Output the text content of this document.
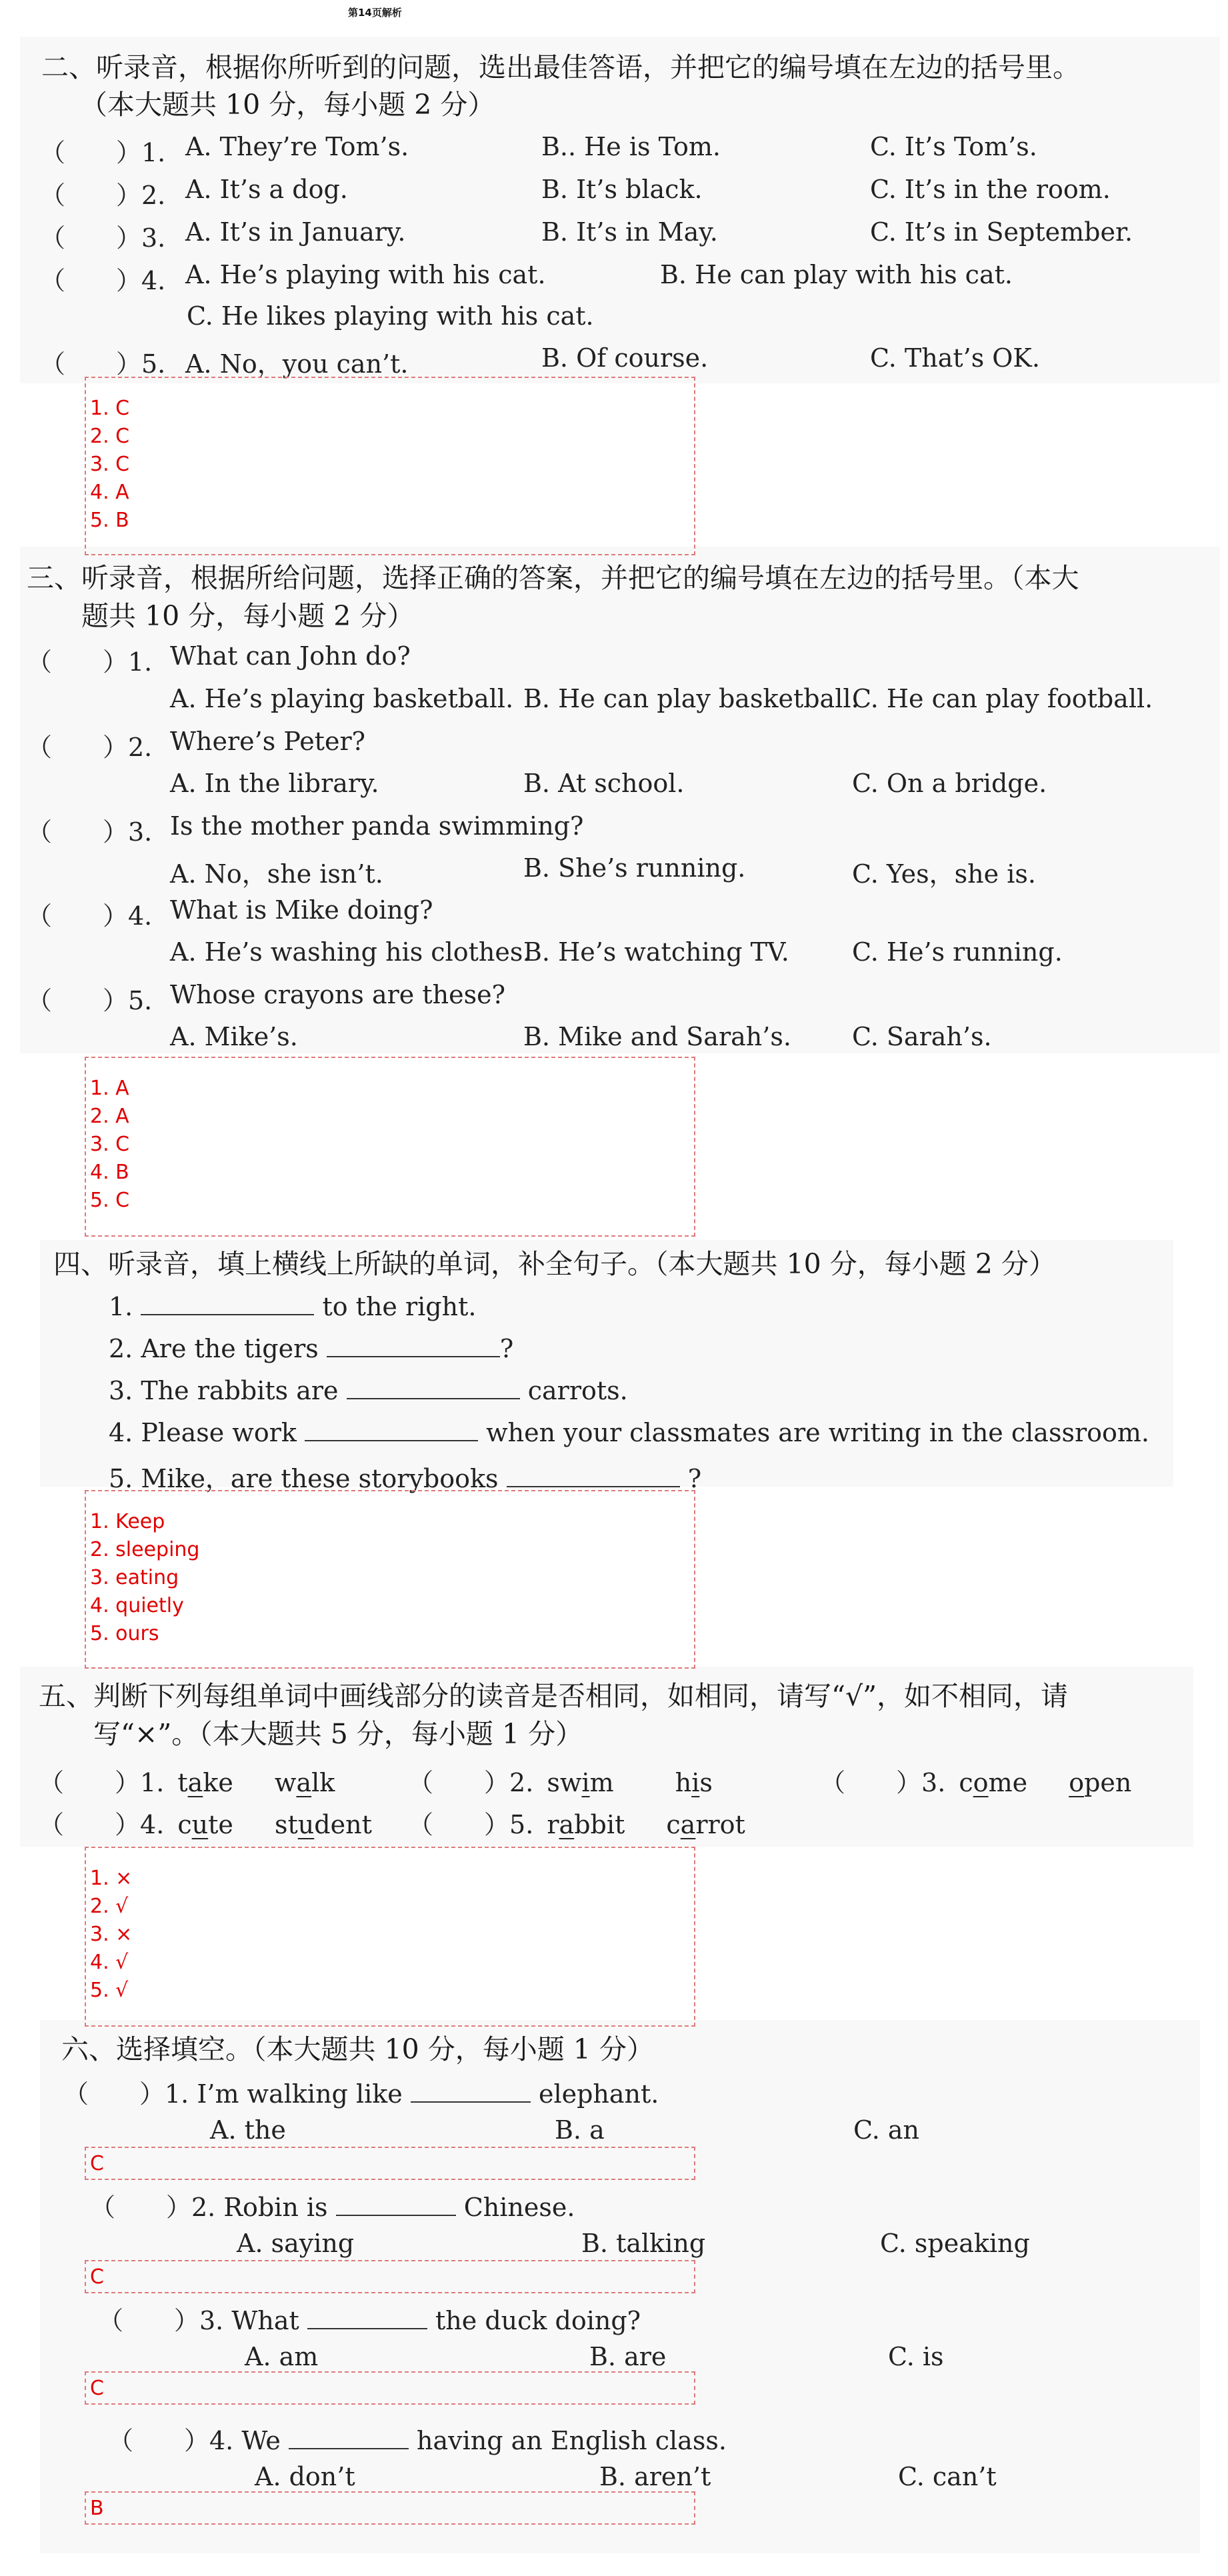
第14页解析
二、听录音，根据你所听到的问题，选出最佳答语，并把它的编号填在左边的括号里。
（本大题共 10 分，每小题 2 分）
（　　）1. A. They’re Tom’s.	B.. He is Tom.	C. It’s Tom’s.
（　　）2. A. It’s a dog.	B. It’s black.	C. It’s in the room.
（　　）3. A. It’s in January.	B. It’s in May.	C. It’s in September.
（　　）4. A. He’s playing with his cat.	B. He can play with his cat.
C. He likes playing with his cat.
（　　）5. A. No，you can’t.	B. Of course.	C. That’s OK.
1. C
2. C
3. C
4. A
5. B
三、听录音，根据所给问题，选择正确的答案，并把它的编号填在左边的括号里。（本大
题共 10 分，每小题 2 分）
（　　）1. What can John do?
A. He’s playing basketball. B. He can play basketball.
C. He can play football.
（　　）2. Where’s Peter?
A. In the library.	B. At school.	C. On a bridge.
（　　）3. Is the mother panda swimming?
A. No，she isn’t.	B. She’s running.	C. Yes，she is.
（　　）4. What is Mike doing?
A. He’s washing his clothes.
B. He’s watching TV. C. He’s running.
（　　）5. Whose crayons are these?
A. Mike’s.	B. Mike and Sarah’s. C. Sarah’s.
1. A
2. A
3. C
4. B
5. C
四、听录音，填上横线上所缺的单词，补全句子。（本大题共 10 分，每小题 2 分）
1.	to the right.
2. Are the tigers	?
3. The rabbits are	carrots.
4. Please work	when your classmates are writing in the classroom.
5. Mike，are these storybooks	?
1. Keep
2. sleeping
3. eating
4. quietly
5. ours
五、判断下列每组单词中画线部分的读音是否相同，如相同，请写“√”，如不相同，请
写“×”。（本大题共 5 分，每小题 1 分）
（　　）1. take walk	（　　）2. swim his	（　　）3. come open
（　　）4. cute student （　　）5. rabbit carrot
1. ×
2. √
3. ×
4. √
5. √
六、选择填空。（本大题共 10 分，每小题 1 分）
（　　）1. I’m walking like	elephant.
A. the	B. a	C. an
C
（　　）2. Robin is	Chinese.
A. saying	B. talking	C. speaking
C
（　　）3. What	the duck doing?
A. am	B. are	C. is
C
（　　）4. We	having an English class.
A. don’t	B. aren’t	C. can’t
B
